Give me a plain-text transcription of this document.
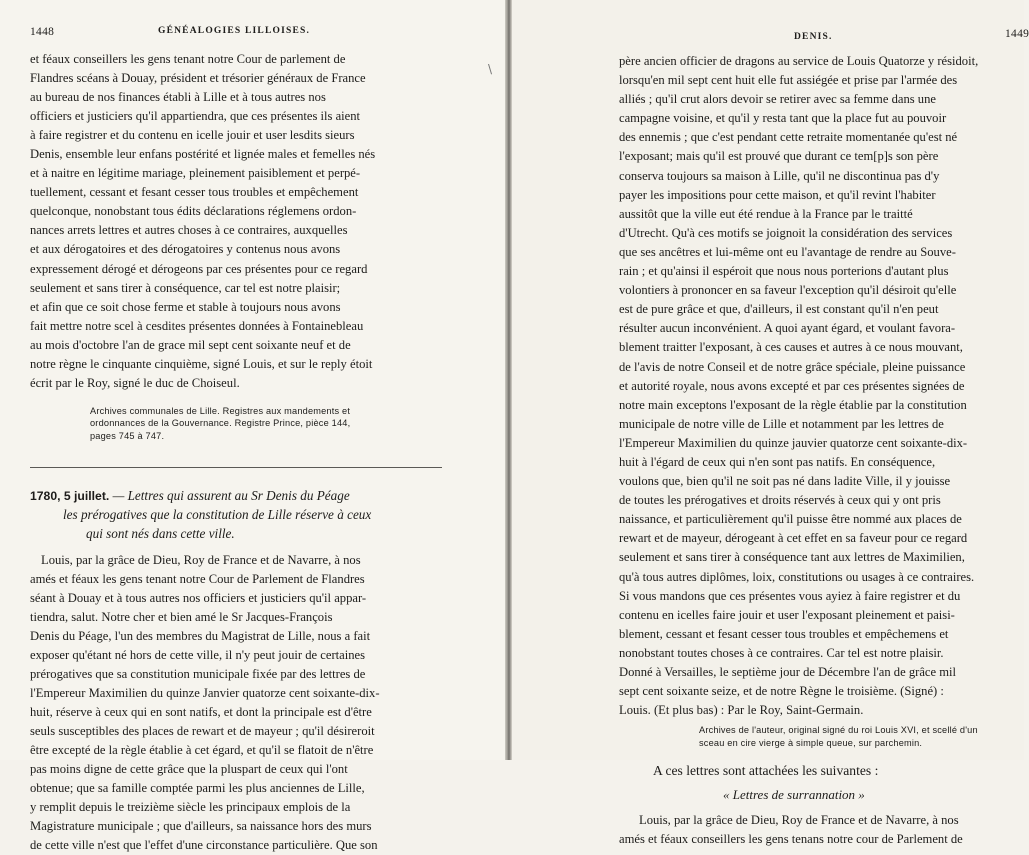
1448	GÉNÉALOGIES LILLOISES.
et féaux conseillers les gens tenant notre Cour de parlement de
Flandres scéans à Douay, président et trésorier généraux de France
au bureau de nos finances établi à Lille et à tous autres nos
officiers et justiciers qu'il appartiendra, que ces présentes ils aient
à faire registrer et du contenu en icelle jouir et user lesdits sieurs
Denis, ensemble leur enfans postérité et lignée males et femelles nés
et à naitre en légitime mariage, pleinement paisiblement et perpé-
tuellement, cessant et fesant cesser tous troubles et empêchement
quelconque, nonobstant tous édits déclarations réglemens ordon-
nances arrets lettres et autres choses à ce contraires, auxquelles
et aux dérogatoires et des dérogatoires y contenus nous avons
expressement dérogé et dérogeons par ces présentes pour ce regard
seulement et sans tirer à conséquence, car tel est notre plaisir;
et afin que ce soit chose ferme et stable à toujours nous avons
fait mettre notre scel à cesdites présentes données à Fontainebleau
au mois d'octobre l'an de grace mil sept cent soixante neuf et de
notre règne le cinquante cinquième, signé Louis, et sur le reply étoit
écrit par le Roy, signé le duc de Choiseul.
Archives communales de Lille. Registres aux mandements et
ordonnances de la Gouvernance. Registre Prince, pièce 144,
pages 745 à 747.
1780, 5 juillet. — Lettres qui assurent au Sr Denis du Péage
les prérogatives que la constitution de Lille réserve à ceux
qui sont nés dans cette ville.
Louis, par la grâce de Dieu, Roy de France et de Navarre, à nos
amés et féaux les gens tenant notre Cour de Parlement de Flandres
séant à Douay et à tous autres nos officiers et justiciers qu'il appar-
tiendra, salut. Notre cher et bien amé le Sr Jacques-François
Denis du Péage, l'un des membres du Magistrat de Lille, nous a fait
exposer qu'étant né hors de cette ville, il n'y peut jouir de certaines
prérogatives que sa constitution municipale fixée par des lettres de
l'Empereur Maximilien du quinze Janvier quatorze cent soixante-dix-
huit, réserve à ceux qui en sont natifs, et dont la principale est d'être
seuls susceptibles des places de rewart et de mayeur ; qu'il désireroit
être excepté de la règle établie à cet égard, et qu'il se flatoit de n'être
pas moins digne de cette grâce que la pluspart de ceux qui l'ont
obtenue; que sa famille comptée parmi les plus anciennes de Lille,
y remplit depuis le treizième siècle les principaux emplois de la
Magistrature municipale ; que d'ailleurs, sa naissance hors des murs
de cette ville n'est que l'effet d'une circonstance particulière. Que son
\
DENIS.	1449
père ancien officier de dragons au service de Louis Quatorze y résidoit,
lorsqu'en mil sept cent huit elle fut assiégée et prise par l'armée des
alliés ; qu'il crut alors devoir se retirer avec sa femme dans une
campagne voisine, et qu'il y resta tant que la place fut au pouvoir
des ennemis ; que c'est pendant cette retraite momentanée qu'est né
l'exposant; mais qu'il est prouvé que durant ce tem[p]s son père
conserva toujours sa maison à Lille, qu'il ne discontinua pas d'y
payer les impositions pour cette maison, et qu'il revint l'habiter
aussitôt que la ville eut été rendue à la France par le traitté
d'Utrecht. Qu'à ces motifs se joignoit la considération des services
que ses ancêtres et lui-même ont eu l'avantage de rendre au Souve-
rain ; et qu'ainsi il espéroit que nous nous porterions d'autant plus
volontiers à prononcer en sa faveur l'exception qu'il désiroit qu'elle
est de pure grâce et que, d'ailleurs, il est constant qu'il n'en peut
résulter aucun inconvénient. A quoi ayant égard, et voulant favora-
blement traitter l'exposant, à ces causes et autres à ce nous mouvant,
de l'avis de notre Conseil et de notre grâce spéciale, pleine puissance
et autorité royale, nous avons excepté et par ces présentes signées de
notre main exceptons l'exposant de la règle établie par la constitution
municipale de notre ville de Lille et notamment par les lettres de
l'Empereur Maximilien du quinze jauvier quatorze cent soixante-dix-
huit à l'égard de ceux qui n'en sont pas natifs. En conséquence,
voulons que, bien qu'il ne soit pas né dans ladite Ville, il y jouisse
de toutes les prérogatives et droits réservés à ceux qui y ont pris
naissance, et particulièrement qu'il puisse être nommé aux places de
rewart et de mayeur, dérogeant à cet effet en sa faveur pour ce regard
seulement et sans tirer à conséquence tant aux lettres de Maximilien,
qu'à tous autres diplômes, loix, constitutions ou usages à ce contraires.
Si vous mandons que ces présentes vous ayiez à faire registrer et du
contenu en icelles faire jouir et user l'exposant pleinement et paisi-
blement, cessant et fesant cesser tous troubles et empêchemens et
nonobstant toutes choses à ce contraires. Car tel est notre plaisir.
Donné à Versailles, le septième jour de Décembre l'an de grâce mil
sept cent soixante seize, et de notre Règne le troisième. (Signé) :
Louis. (Et plus bas) : Par le Roy, Saint-Germain.
Archives de l'auteur, original signé du roi Louis XVI, et scellé d'un
sceau en cire vierge à simple queue, sur parchemin.
A ces lettres sont attachées les suivantes :
« Lettres de surrannation »
Louis, par la grâce de Dieu, Roy de France et de Navarre, à nos
amés et féaux conseillers les gens tenans notre cour de Parlement de
